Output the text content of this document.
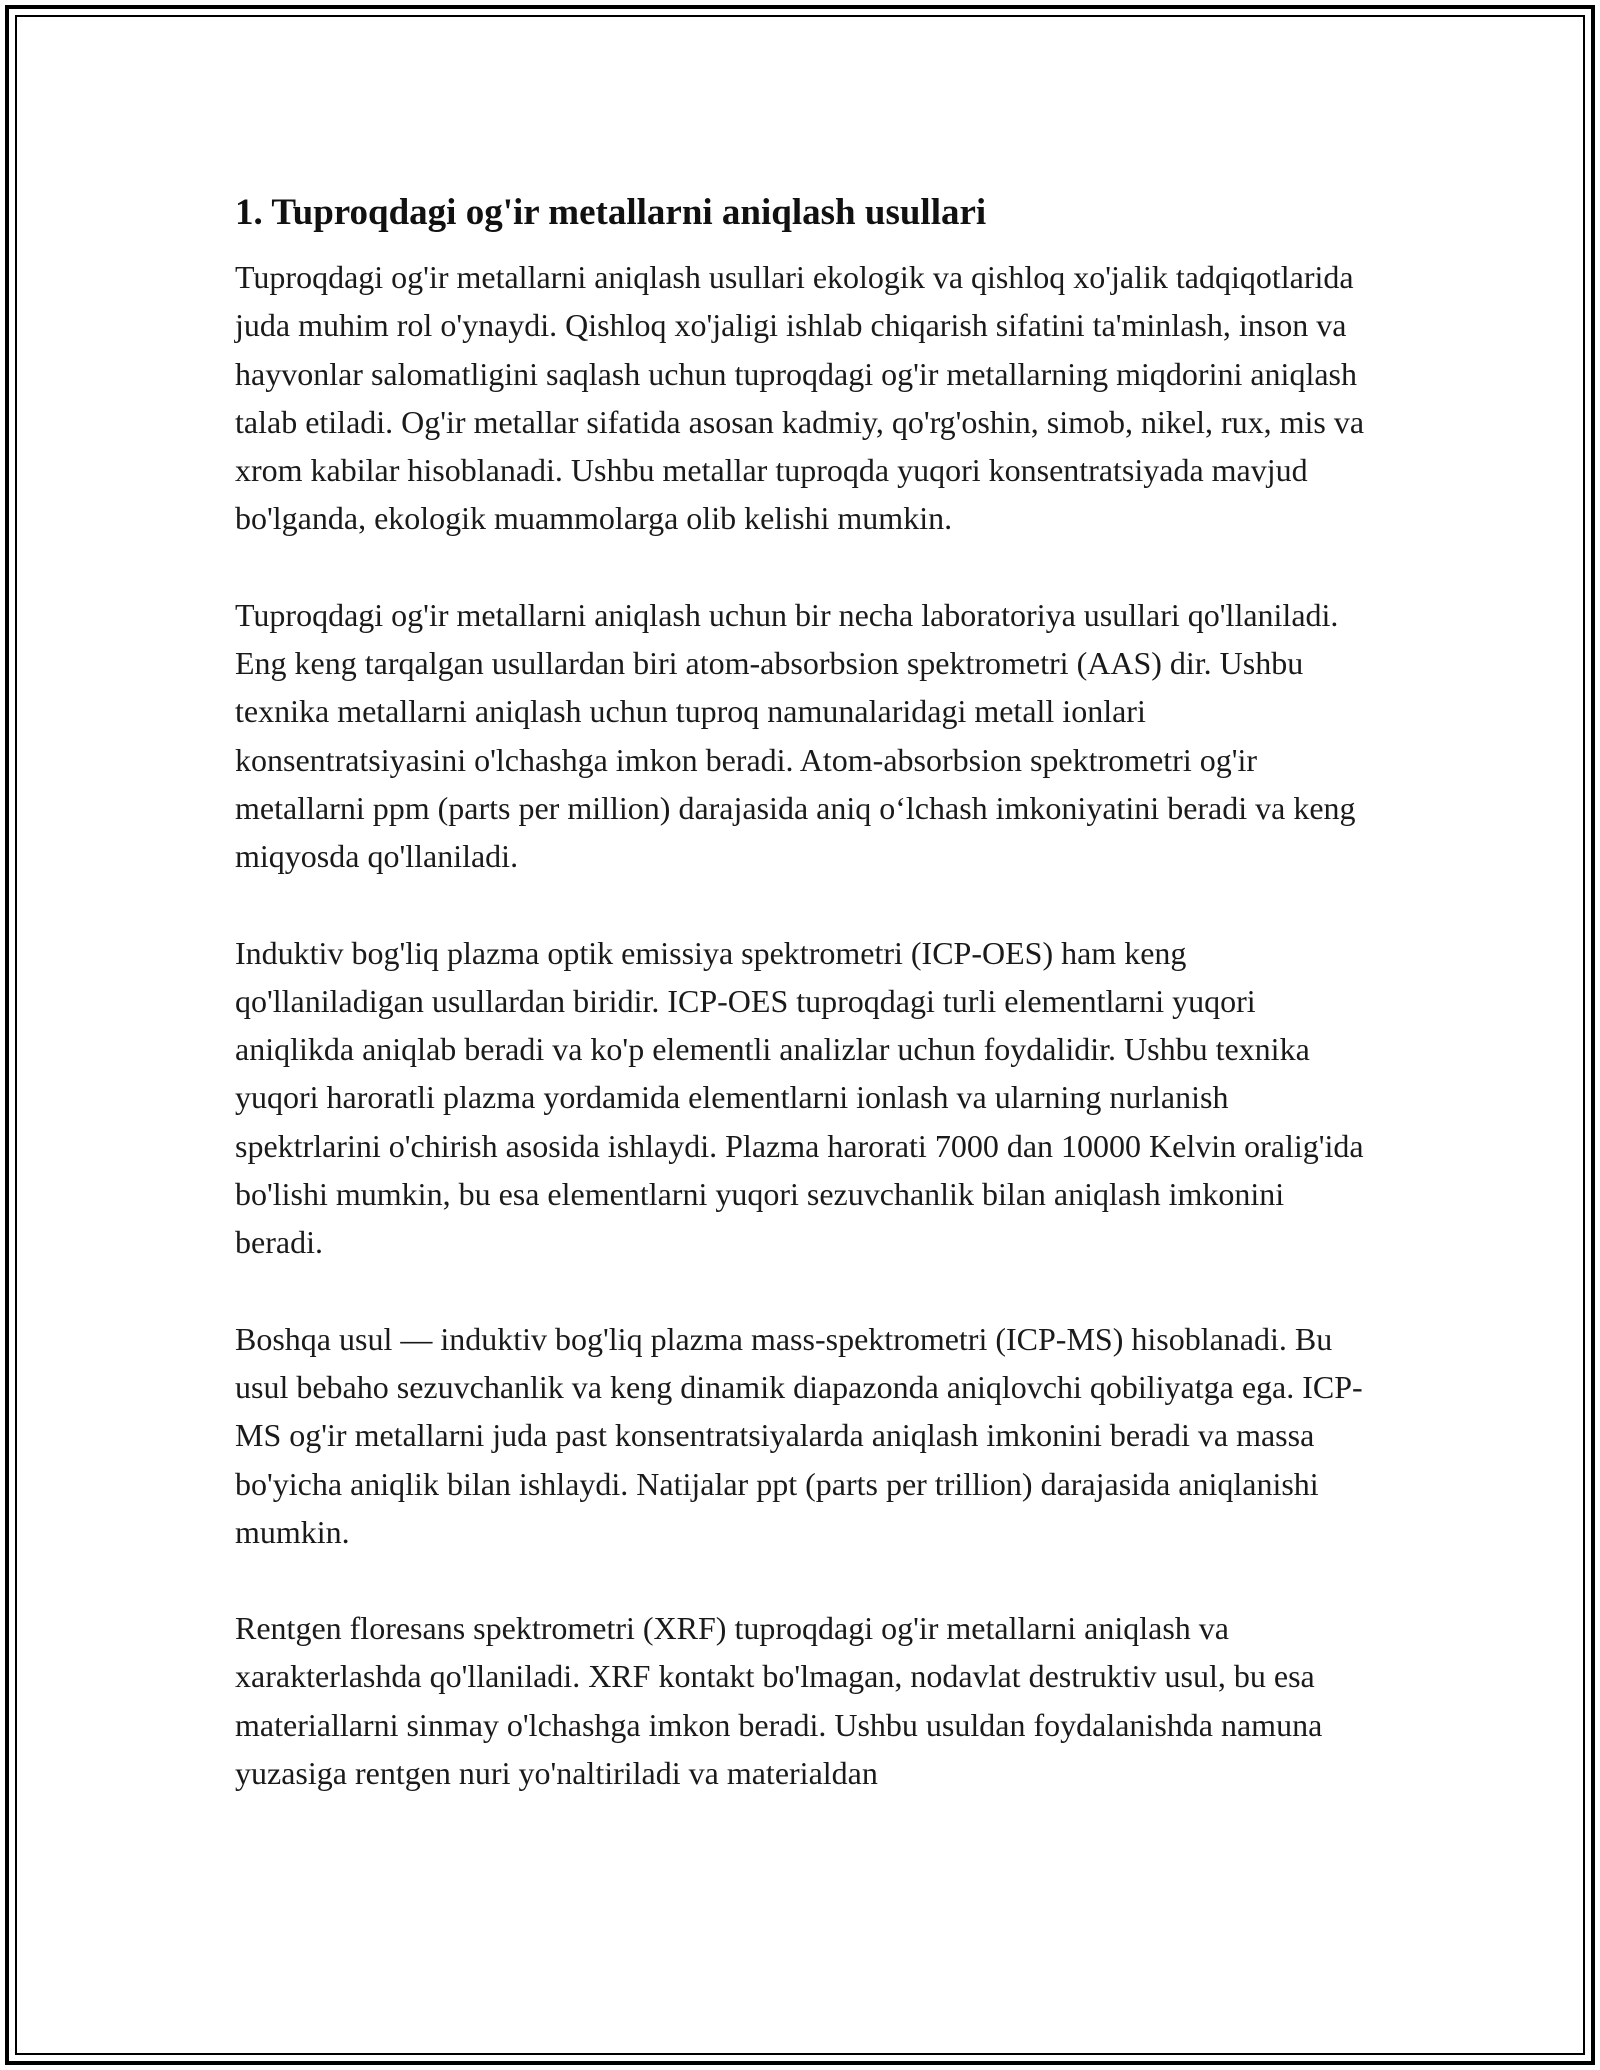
1. Tuproqdagi og'ir metallarni aniqlash usullari

Tuproqdagi og'ir metallarni aniqlash usullari ekologik va qishloq xo'jalik tadqiqotlarida juda muhim rol o'ynaydi. Qishloq xo'jaligi ishlab chiqarish sifatini ta'minlash, inson va hayvonlar salomatligini saqlash uchun tuproqdagi og'ir metallarning miqdorini aniqlash talab etiladi. Og'ir metallar sifatida asosan kadmiy, qo'rg'oshin, simob, nikel, rux, mis va xrom kabilar hisoblanadi. Ushbu metallar tuproqda yuqori konsentratsiyada mavjud bo'lganda, ekologik muammolarga olib kelishi mumkin.

Tuproqdagi og'ir metallarni aniqlash uchun bir necha laboratoriya usullari qo'llaniladi. Eng keng tarqalgan usullardan biri atom-absorbsion spektrometri (AAS) dir. Ushbu texnika metallarni aniqlash uchun tuproq namunalaridagi metall ionlari konsentratsiyasini o'lchashga imkon beradi. Atom-absorbsion spektrometri og'ir metallarni ppm (parts per million) darajasida aniq o‘lchash imkoniyatini beradi va keng miqyosda qo'llaniladi.

Induktiv bog'liq plazma optik emissiya spektrometri (ICP-OES) ham keng qo'llaniladigan usullardan biridir. ICP-OES tuproqdagi turli elementlarni yuqori aniqlikda aniqlab beradi va ko'p elementli analizlar uchun foydalidir. Ushbu texnika yuqori haroratli plazma yordamida elementlarni ionlash va ularning nurlanish spektrlarini o'chirish asosida ishlaydi. Plazma harorati 7000 dan 10000 Kelvin oralig'ida bo'lishi mumkin, bu esa elementlarni yuqori sezuvchanlik bilan aniqlash imkonini beradi.

Boshqa usul — induktiv bog'liq plazma mass-spektrometri (ICP-MS) hisoblanadi. Bu usul bebaho sezuvchanlik va keng dinamik diapazonda aniqlovchi qobiliyatga ega. ICP-MS og'ir metallarni juda past konsentratsiyalarda aniqlash imkonini beradi va massa bo'yicha aniqlik bilan ishlaydi. Natijalar ppt (parts per trillion) darajasida aniqlanishi mumkin.

Rentgen floresans spektrometri (XRF) tuproqdagi og'ir metallarni aniqlash va xarakterlashda qo'llaniladi. XRF kontakt bo'lmagan, nodavlat destruktiv usul, bu esa materiallarni sinmay o'lchashga imkon beradi. Ushbu usuldan foydalanishda namuna yuzasiga rentgen nuri yo'naltiriladi va materialdan
